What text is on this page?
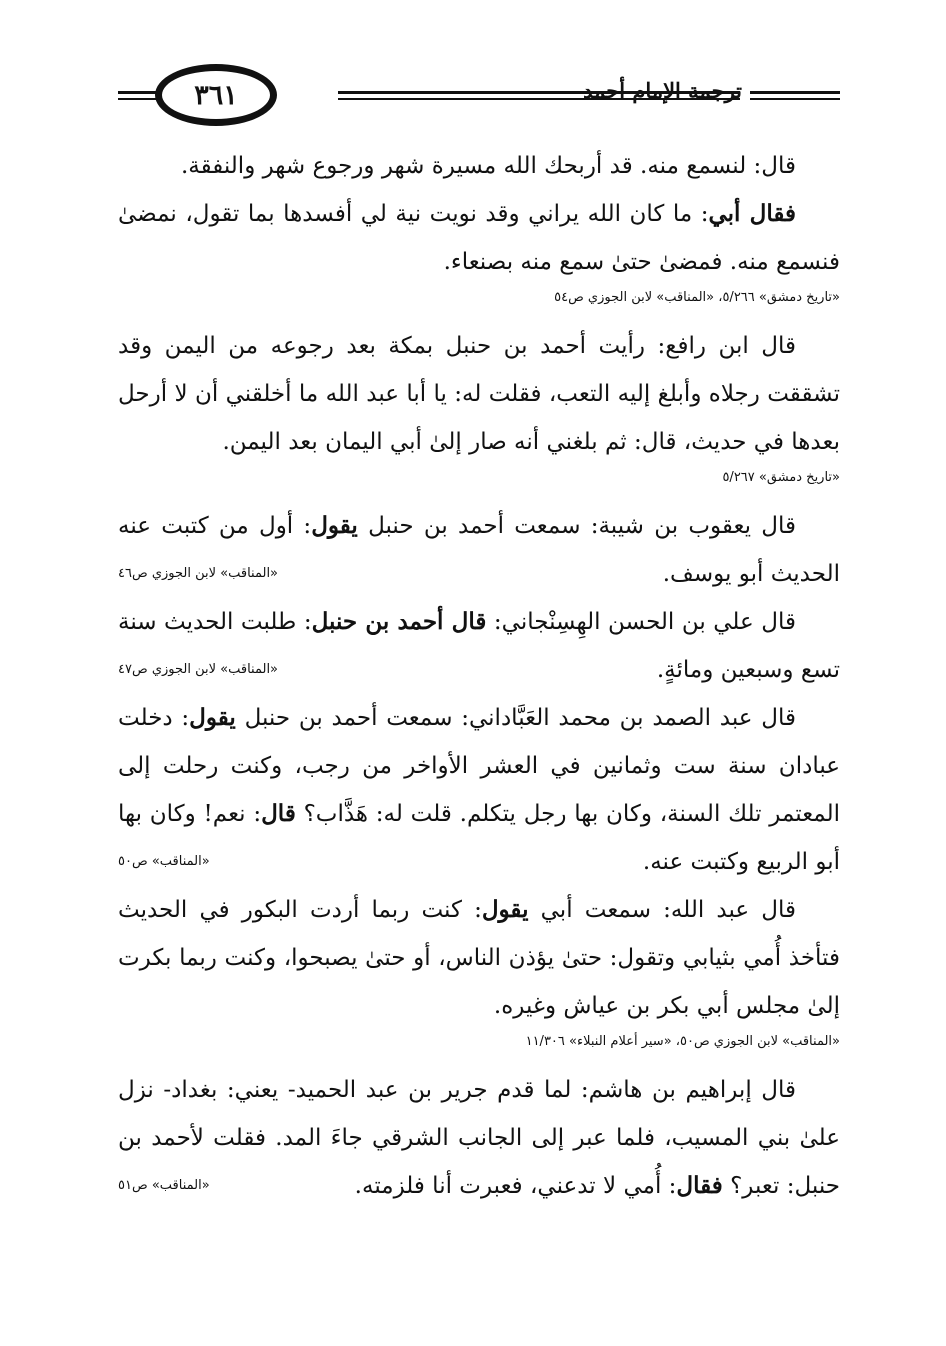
٣٦١	ترجمة الإمام أحمد

قال: لنسمع منه. قد أربحك الله مسيرة شهر ورجوع شهر والنفقة.

فقال أبي: ما كان الله يراني وقد نويت نية لي أفسدها بما تقول، نمضىٰ فنسمع منه. فمضىٰ حتىٰ سمع منه بصنعاء.

«تاريخ دمشق» ٥/٢٦٦، «المناقب» لابن الجوزي ص٥٤

قال ابن رافع: رأيت أحمد بن حنبل بمكة بعد رجوعه من اليمن وقد تشققت رجلاه وأبلغ إليه التعب، فقلت له: يا أبا عبد الله ما أخلقني أن لا أرحل بعدها في حديث، قال: ثم بلغني أنه صار إلىٰ أبي اليمان بعد اليمن.

«تاريخ دمشق» ٥/٢٦٧

قال يعقوب بن شيبة: سمعت أحمد بن حنبل يقول: أول من كتبت عنه الحديث أبو يوسف.
«المناقب» لابن الجوزي ص٤٦

قال علي بن الحسن الهِسِنْجاني: قال أحمد بن حنبل: طلبت الحديث سنة تسع وسبعين ومائةٍ.
«المناقب» لابن الجوزي ص٤٧

قال عبد الصمد بن محمد العَبَّاداني: سمعت أحمد بن حنبل يقول: دخلت عبادان سنة ست وثمانين في العشر الأواخر من رجب، وكنت رحلت إلى المعتمر تلك السنة، وكان بها رجل يتكلم. قلت له: هَذَّاب؟ قال: نعم! وكان بها أبو الربيع وكتبت عنه.
«المناقب» ص٥٠

قال عبد الله: سمعت أبي يقول: كنت ربما أردت البكور في الحديث فتأخذ أُمي بثيابي وتقول: حتىٰ يؤذن الناس، أو حتىٰ يصبحوا، وكنت ربما بكرت إلىٰ مجلس أبي بكر بن عياش وغيره.

«المناقب» لابن الجوزي ص٥٠، «سير أعلام النبلاء» ١١/٣٠٦

قال إبراهيم بن هاشم: لما قدم جرير بن عبد الحميد- يعني: بغداد- نزل علىٰ بني المسيب، فلما عبر إلى الجانب الشرقي جاءَ المد. فقلت لأحمد بن حنبل: تعبر؟ فقال: أُمي لا تدعني، فعبرت أنا فلزمته.
«المناقب» ص٥١
